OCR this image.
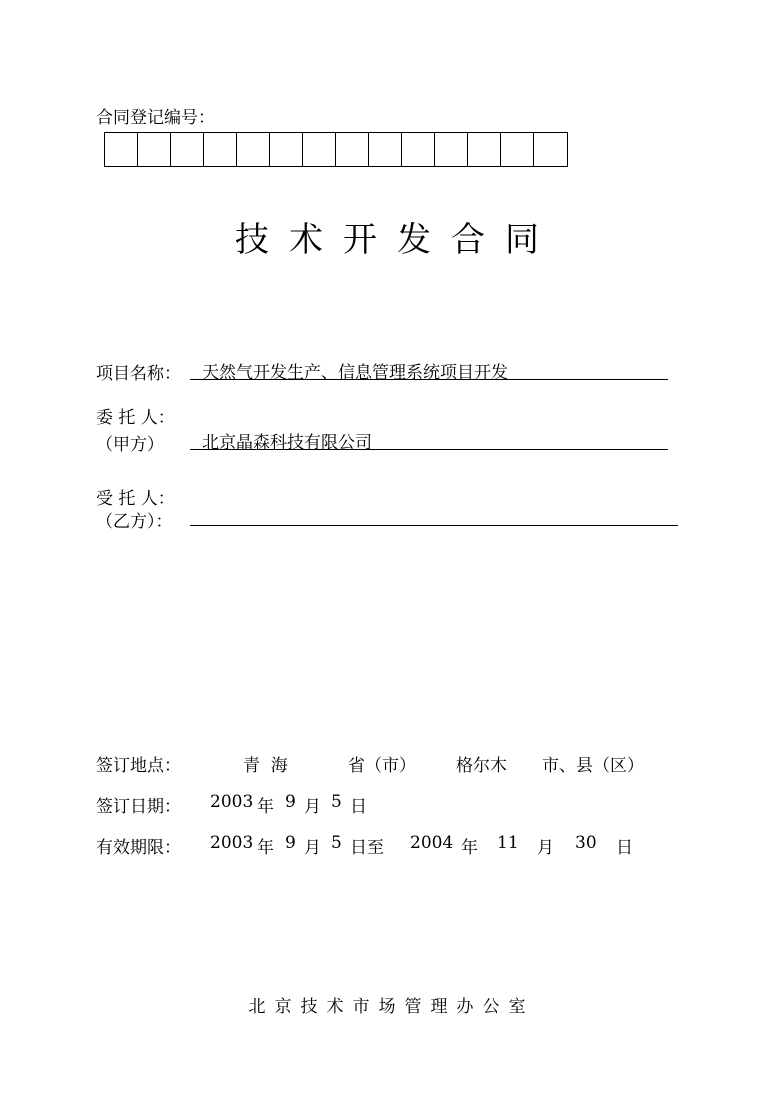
合同登记编号：
技术开发合同
项目名称： 天然气开发生产、信息管理系统项目开发
委 托 人：
（甲方） 北京晶森科技有限公司
受 托 人：
（乙方）：
签订地点：	青  海	省（市） 格尔木 市、县（区）
签订日期： 2003 年 9 月 5 日
有效期限： 2003 年 9 月 5 日至 2004 年 11 月 30 日
北京技术市场管理办公室
